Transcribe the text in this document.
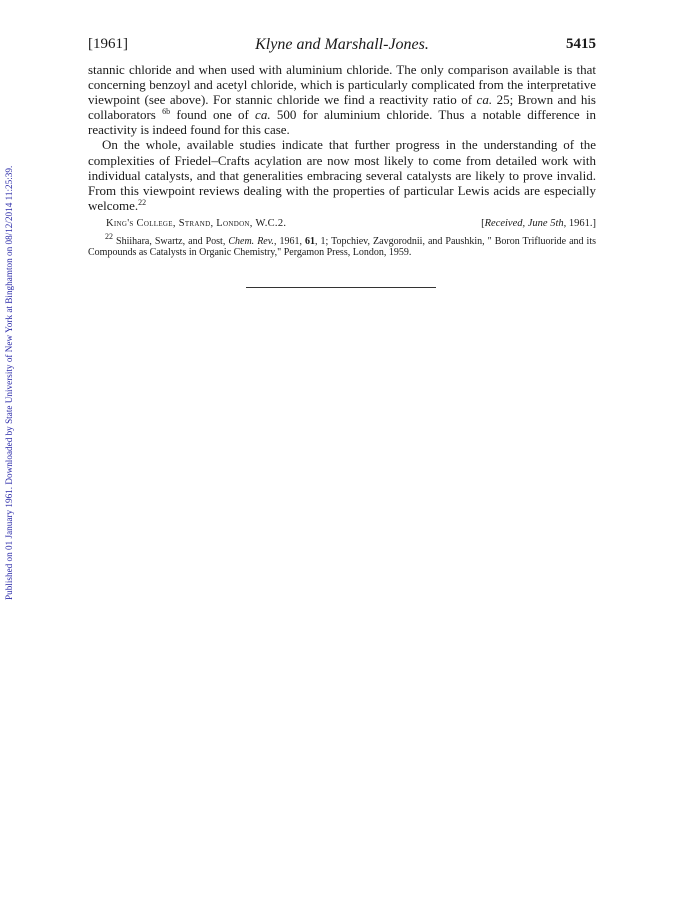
Published on 01 January 1961. Downloaded by State University of New York at Binghamton on 08/12/2014 11:25:39.
[1961]	Klyne and Marshall-Jones.	5415

stannic chloride and when used with aluminium chloride. The only comparison available is that concerning benzoyl and acetyl chloride, which is particularly complicated from the interpretative viewpoint (see above). For stannic chloride we find a reactivity ratio of ca. 25; Brown and his collaborators $^{6b}$ found one of ca. 500 for aluminium chloride. Thus a notable difference in reactivity is indeed found for this case.

On the whole, available studies indicate that further progress in the understanding of the complexities of Friedel–Crafts acylation are now most likely to come from detailed work with individual catalysts, and that generalities embracing several catalysts are likely to prove invalid. From this viewpoint reviews dealing with the properties of particular Lewis acids are especially welcome.$^{22}$

King's College, Strand, London, W.C.2.	[Received, June 5th, 1961.]

$^{22}$ Shiihara, Swartz, and Post, Chem. Rev., 1961, 61, 1; Topchiev, Zavgorodnii, and Paushkin, " Boron Trifluoride and its Compounds as Catalysts in Organic Chemistry," Pergamon Press, London, 1959.
